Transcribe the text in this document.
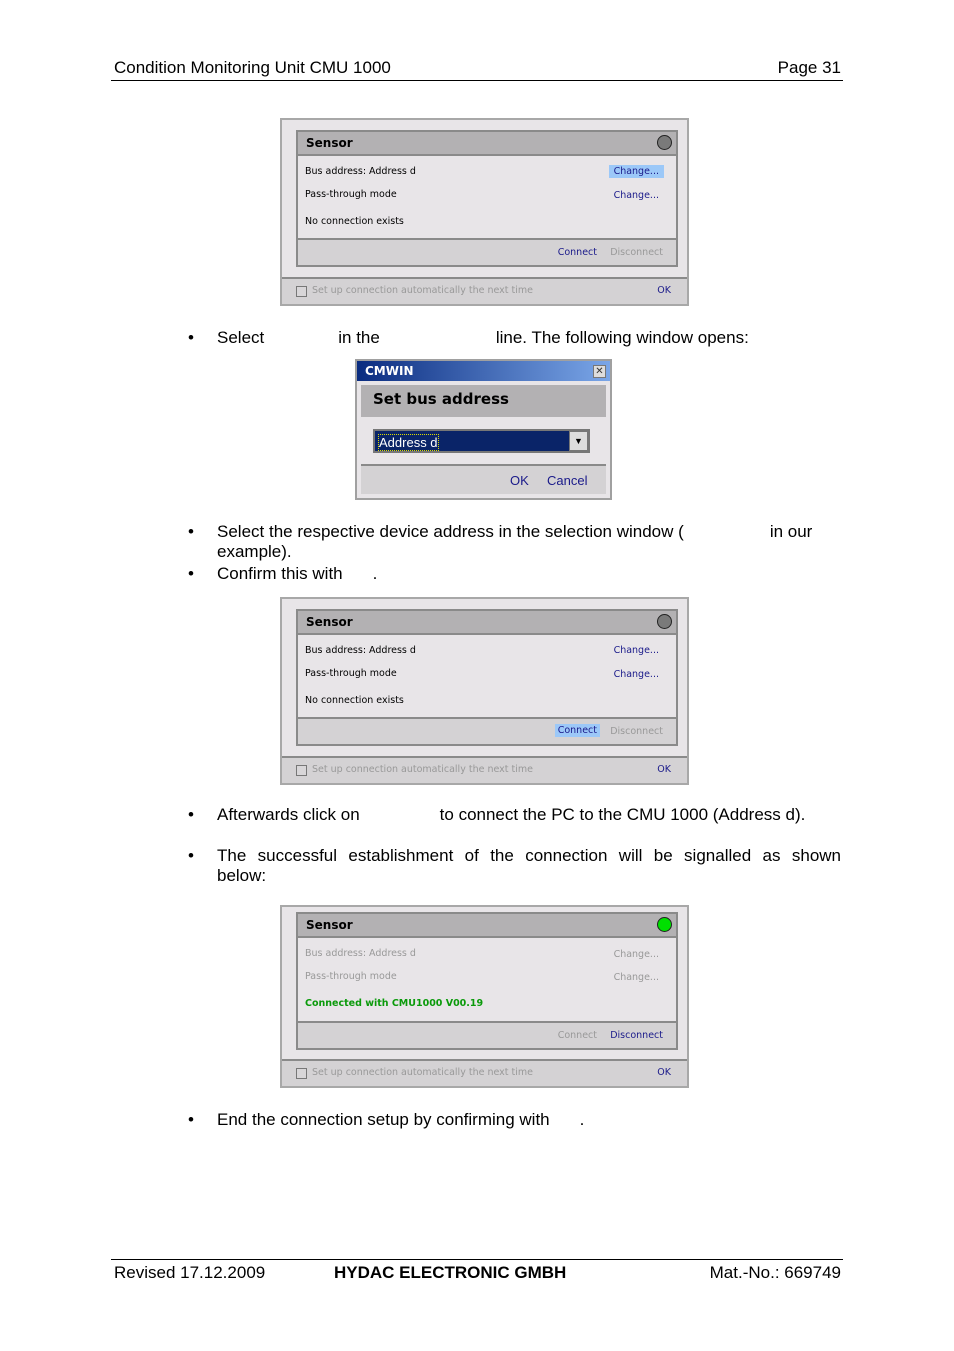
Condition Monitoring Unit CMU 1000	Page 31
Sensor
Bus address: Address d	Change...
Pass-through mode	Change...
No connection exists
Connect	Disconnect
Set up connection automatically the next time	OK
• Select	in the	line. The following window opens:
CMWIN	✕
Set bus address
Address d	▼
OK Cancel
• Select the respective device address in the selection window (	in our example).
• Confirm this with .
Sensor
Bus address: Address d	Change...
Pass-through mode	Change...
No connection exists
Connect	Disconnect
Set up connection automatically the next time	OK
• Afterwards click on	to connect the PC to the CMU 1000 (Address d).
• The successful establishment of the connection will be signalled as shown below:
Sensor
Bus address: Address d	Change...
Pass-through mode	Change...
Connected with CMU1000 V00.19
Connect	Disconnect
Set up connection automatically the next time	OK
• End the connection setup by confirming with .
Revised 17.12.2009	HYDAC ELECTRONIC GMBH	Mat.-No.: 669749
